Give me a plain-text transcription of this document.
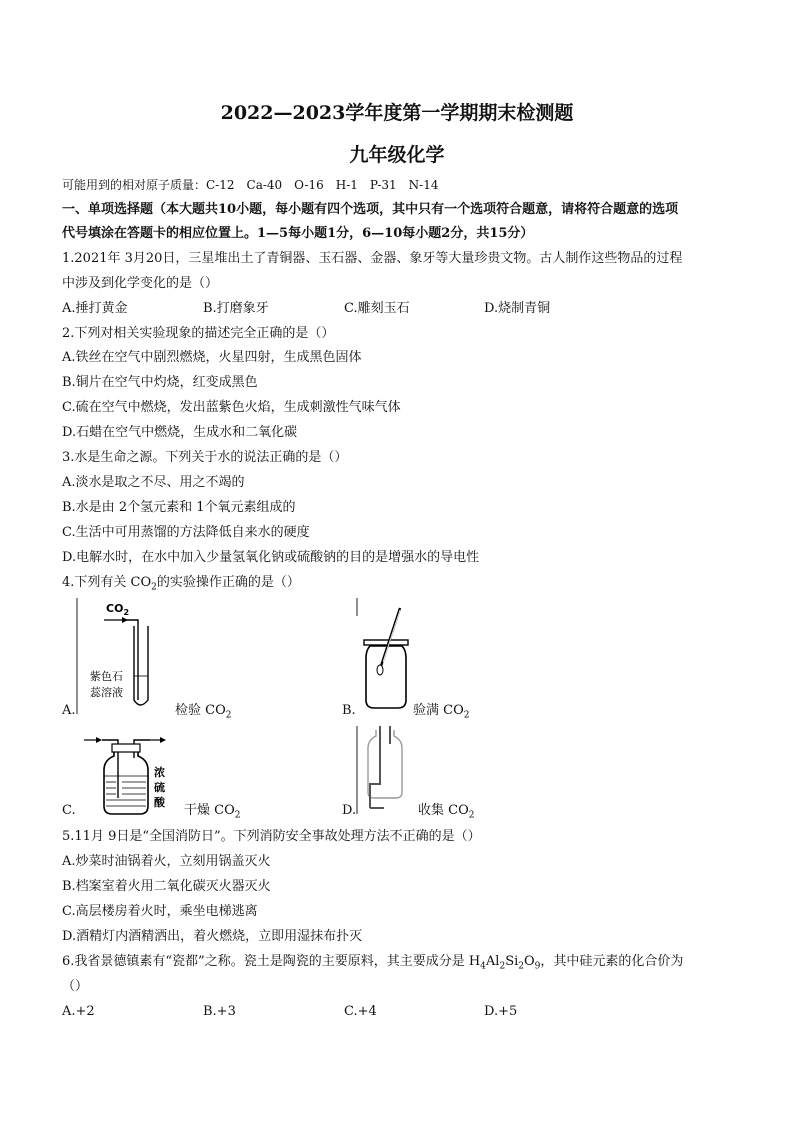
2022—2023学年度第一学期期末检测题
九年级化学
可能用到的相对原子质量：C-12　Ca-40　O-16　H-1　P-31　N-14
一、单项选择题（本大题共10小题，每小题有四个选项，其中只有一个选项符合题意，请将符合题意的选项
代号填涂在答题卡的相应位置上。1—5每小题1分，6—10每小题2分，共15分）
1.2021年 3月20日，三星堆出土了青铜器、玉石器、金器、象牙等大量珍贵文物。古人制作这些物品的过程
中涉及到化学变化的是（）
A.捶打黄金	B.打磨象牙	C.雕刻玉石	D.烧制青铜
2.下列对相关实验现象的描述完全正确的是（）
A.铁丝在空气中剧烈燃烧，火星四射，生成黑色固体
B.铜片在空气中灼烧，红变成黑色
C.硫在空气中燃烧，发出蓝紫色火焰，生成刺激性气味气体
D.石蜡在空气中燃烧，生成水和二氧化碳
3.水是生命之源。下列关于水的说法正确的是（）
A.淡水是取之不尽、用之不竭的
B.水是由 2个氢元素和 1个氧元素组成的
C.生活中可用蒸馏的方法降低自来水的硬度
D.电解水时，在水中加入少量氢氧化钠或硫酸钠的目的是增强水的导电性
4.下列有关 $CO_2$的实验操作正确的是（）
$CO_2$
紫色石
蕊溶液
A.	检验 $CO_2$	B.	验满 $CO_2$
浓
硫
酸
C.	干燥 $CO_2$	D.	收集 $CO_2$
5.11月 9日是“全国消防日”。下列消防安全事故处理方法不正确的是（）
A.炒菜时油锅着火，立刻用锅盖灭火
B.档案室着火用二氧化碳灭火器灭火
C.高层楼房着火时，乘坐电梯逃离
D.酒精灯内酒精洒出，着火燃烧，立即用湿抹布扑灭
6.我省景德镇素有“瓷都”之称。瓷土是陶瓷的主要原料，其主要成分是 $H_4Al_2Si_2O_9$，其中硅元素的化合价为
（）
A.+2	B.+3	C.+4	D.+5
